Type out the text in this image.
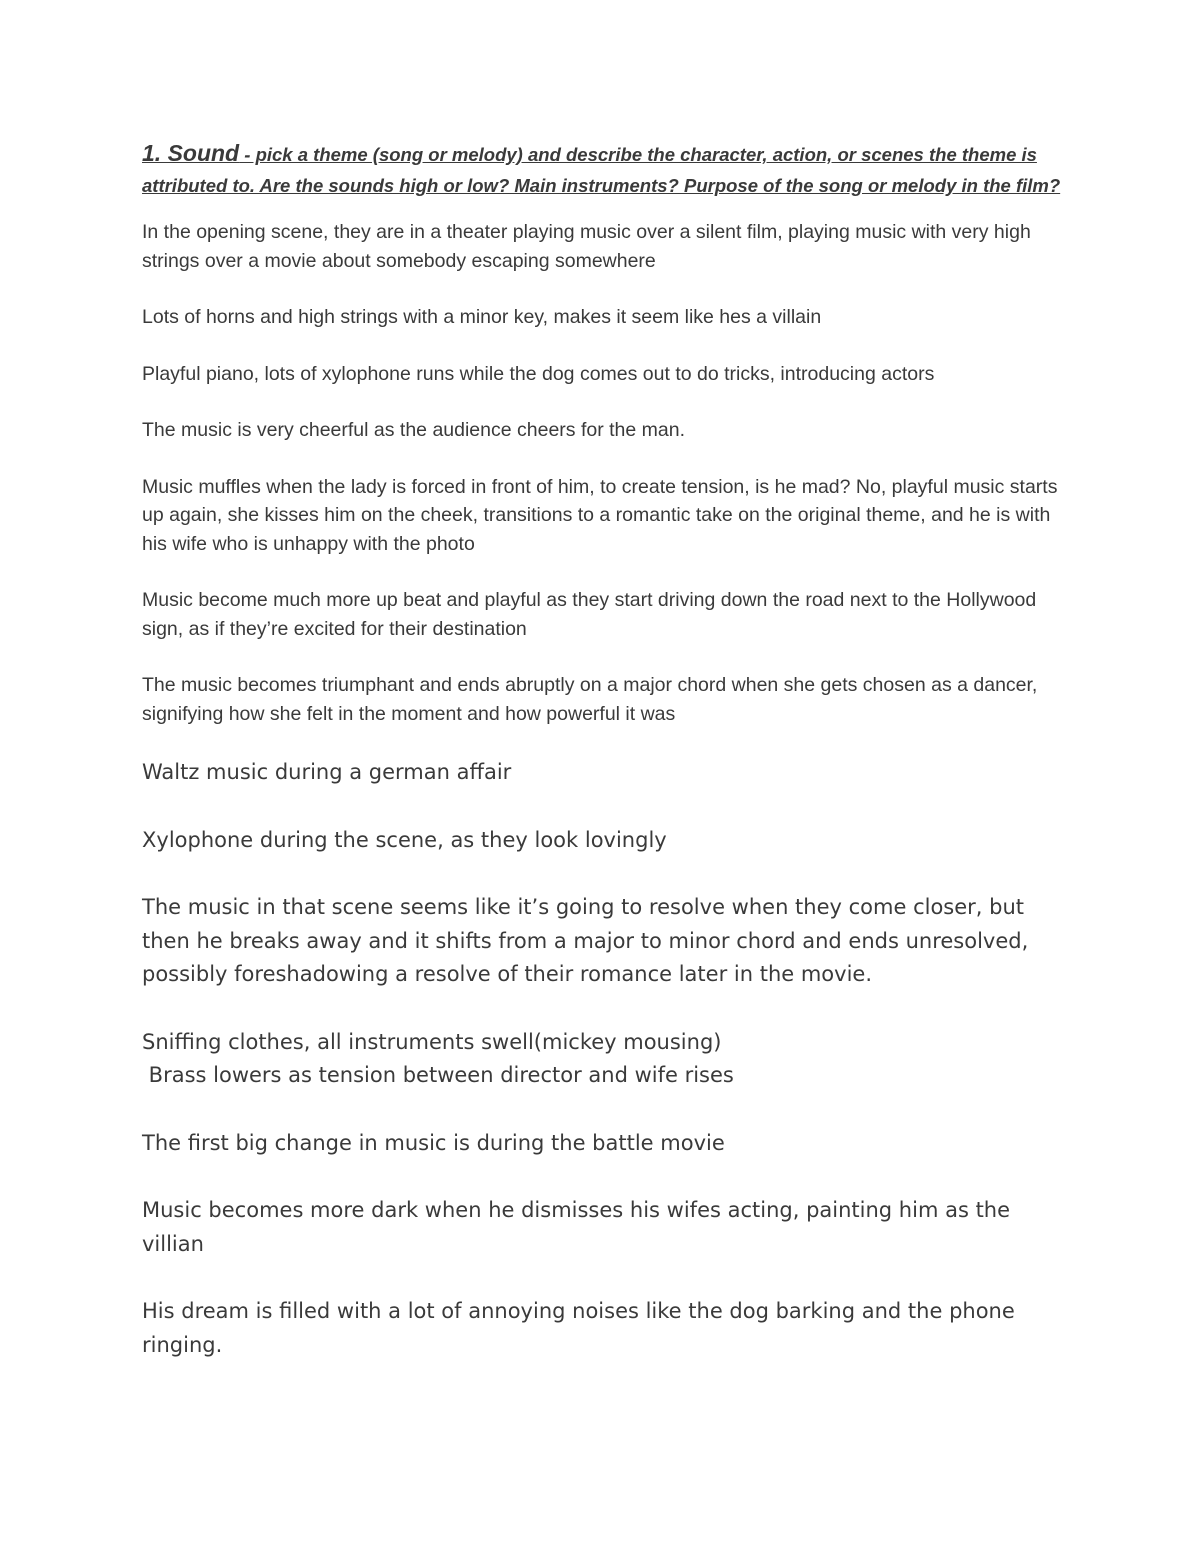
1. Sound - pick a theme (song or melody) and describe the character, action, or scenes the theme is attributed to. Are the sounds high or low? Main instruments? Purpose of the song or melody in the film?

In the opening scene, they are in a theater playing music over a silent film, playing music with very high strings over a movie about somebody escaping somewhere

Lots of horns and high strings with a minor key, makes it seem like hes a villain

Playful piano, lots of xylophone runs while the dog comes out to do tricks, introducing actors

The music is very cheerful as the audience cheers for the man.

Music muffles when the lady is forced in front of him, to create tension, is he mad? No, playful music starts up again, she kisses him on the cheek, transitions to a romantic take on the original theme, and he is with his wife who is unhappy with the photo

Music become much more up beat and playful as they start driving down the road next to the Hollywood sign, as if they’re excited for their destination

The music becomes triumphant and ends abruptly on a major chord when she gets chosen as a dancer, signifying how she felt in the moment and how powerful it was

Waltz music during a german affair

Xylophone during the scene, as they look lovingly

The music in that scene seems like it’s going to resolve when they come closer, but then he breaks away and it shifts from a major to minor chord and ends unresolved, possibly foreshadowing a resolve of their romance later in the movie.

Sniffing clothes, all instruments swell(mickey mousing)

Brass lowers as tension between director and wife rises

The first big change in music is during the battle movie

Music becomes more dark when he dismisses his wifes acting, painting him as the villian

His dream is filled with a lot of annoying noises like the dog barking and the phone ringing.
